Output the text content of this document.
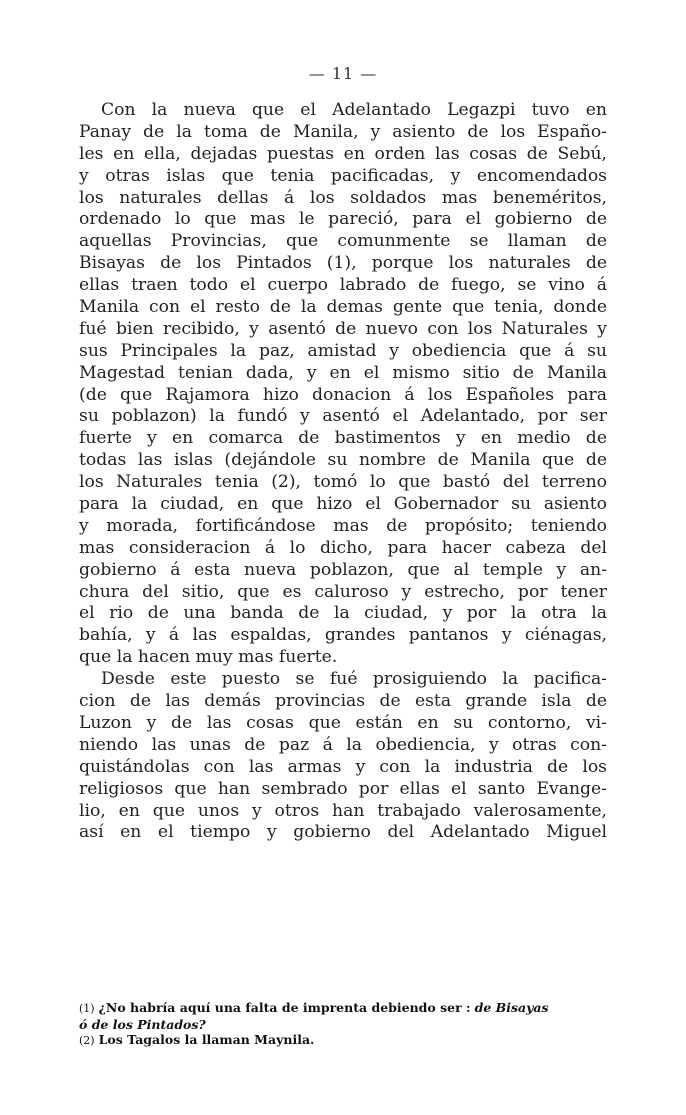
— 11 —
Con la nueva que el Adelantado Legazpi tuvo en
Panay de la toma de Manila, y asiento de los Españo-
les en ella, dejadas puestas en orden las cosas de Sebú,
y otras islas que tenia pacificadas, y encomendados
los naturales dellas á los soldados mas beneméritos,
ordenado lo que mas le pareció, para el gobierno de
aquellas Provincias, que comunmente se llaman de
Bisayas de los Pintados (1), porque los naturales de
ellas traen todo el cuerpo labrado de fuego, se vino á
Manila con el resto de la demas gente que tenia, donde
fué bien recibido, y asentó de nuevo con los Naturales y
sus Principales la paz, amistad y obediencia que á su
Magestad tenian dada, y en el mismo sitio de Manila
(de que Rajamora hizo donacion á los Españoles para
su poblazon) la fundó y asentó el Adelantado, por ser
fuerte y en comarca de bastimentos y en medio de
todas las islas (dejándole su nombre de Manila que de
los Naturales tenia (2), tomó lo que bastó del terreno
para la ciudad, en que hizo el Gobernador su asiento
y morada, fortificándose mas de propósito; teniendo
mas consideracion á lo dicho, para hacer cabeza del
gobierno á esta nueva poblazon, que al temple y an-
chura del sitio, que es caluroso y estrecho, por tener
el rio de una banda de la ciudad, y por la otra la
bahía, y á las espaldas, grandes pantanos y ciénagas,
que la hacen muy mas fuerte.
Desde este puesto se fué prosiguiendo la pacifica-
cion de las demás provincias de esta grande isla de
Luzon y de las cosas que están en su contorno, vi-
niendo las unas de paz á la obediencia, y otras con-
quistándolas con las armas y con la industria de los
religiosos que han sembrado por ellas el santo Evange-
lio, en que unos y otros han trabajado valerosamente,
así en el tiempo y gobierno del Adelantado Miguel
(1) ¿No habría aquí una falta de imprenta debiendo ser : de Bisayas
ó de los Pintados?
(2) Los Tagalos la llaman Maynila.
